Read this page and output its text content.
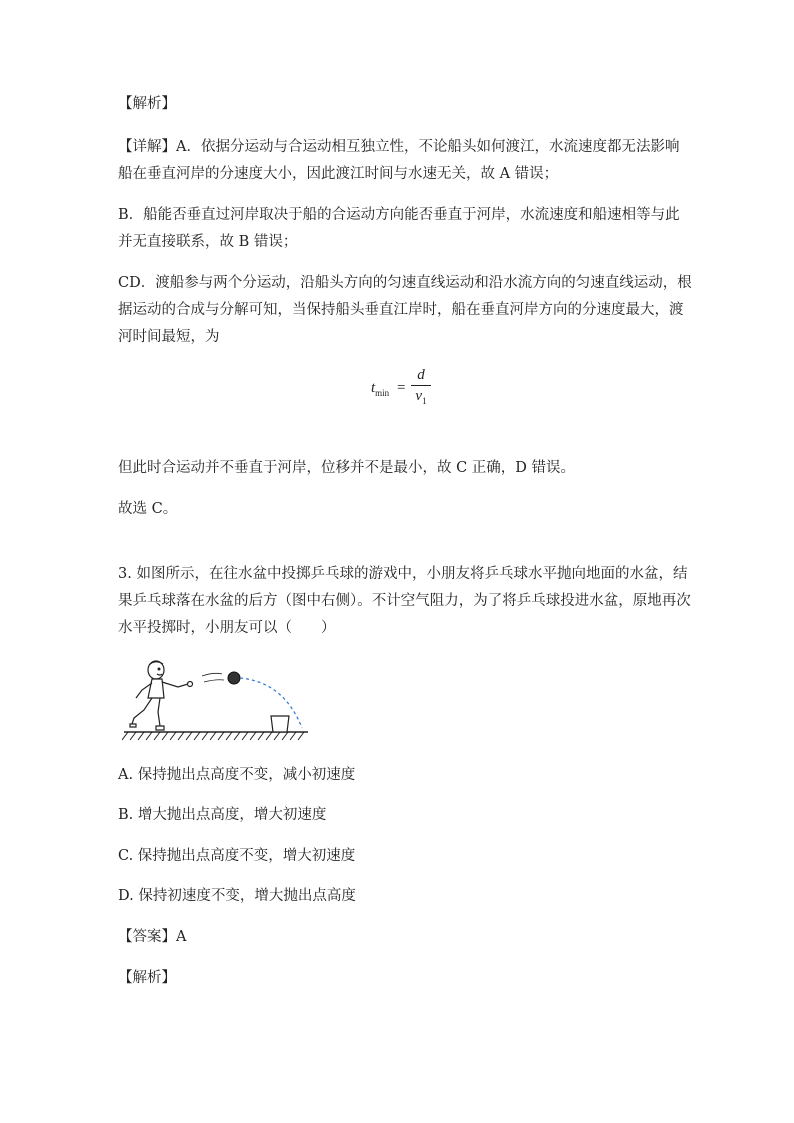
【解析】
【详解】A．依据分运动与合运动相互独立性，不论船头如何渡江，水流速度都无法影响
船在垂直河岸的分速度大小，因此渡江时间与水速无关，故 A 错误；
B．船能否垂直过河岸取决于船的合运动方向能否垂直于河岸，水流速度和船速相等与此
并无直接联系，故 B 错误；
CD．渡船参与两个分运动，沿船头方向的匀速直线运动和沿水流方向的匀速直线运动，根
据运动的合成与分解可知，当保持船头垂直江岸时，船在垂直河岸方向的分速度最大，渡
河时间最短，为
$t_{min}$ =
d
$v_1$
但此时合运动并不垂直于河岸，位移并不是最小，故 C 正确，D 错误。
故选 C。
3. 如图所示，在往水盆中投掷乒乓球的游戏中，小朋友将乒乓球水平抛向地面的水盆，结
果乒乓球落在水盆的后方（图中右侧）。不计空气阻力，为了将乒乓球投进水盆，原地再次
水平投掷时，小朋友可以（　　）
A. 保持抛出点高度不变，减小初速度
B. 增大抛出点高度，增大初速度
C. 保持抛出点高度不变，增大初速度
D. 保持初速度不变，增大抛出点高度
【答案】A
【解析】
